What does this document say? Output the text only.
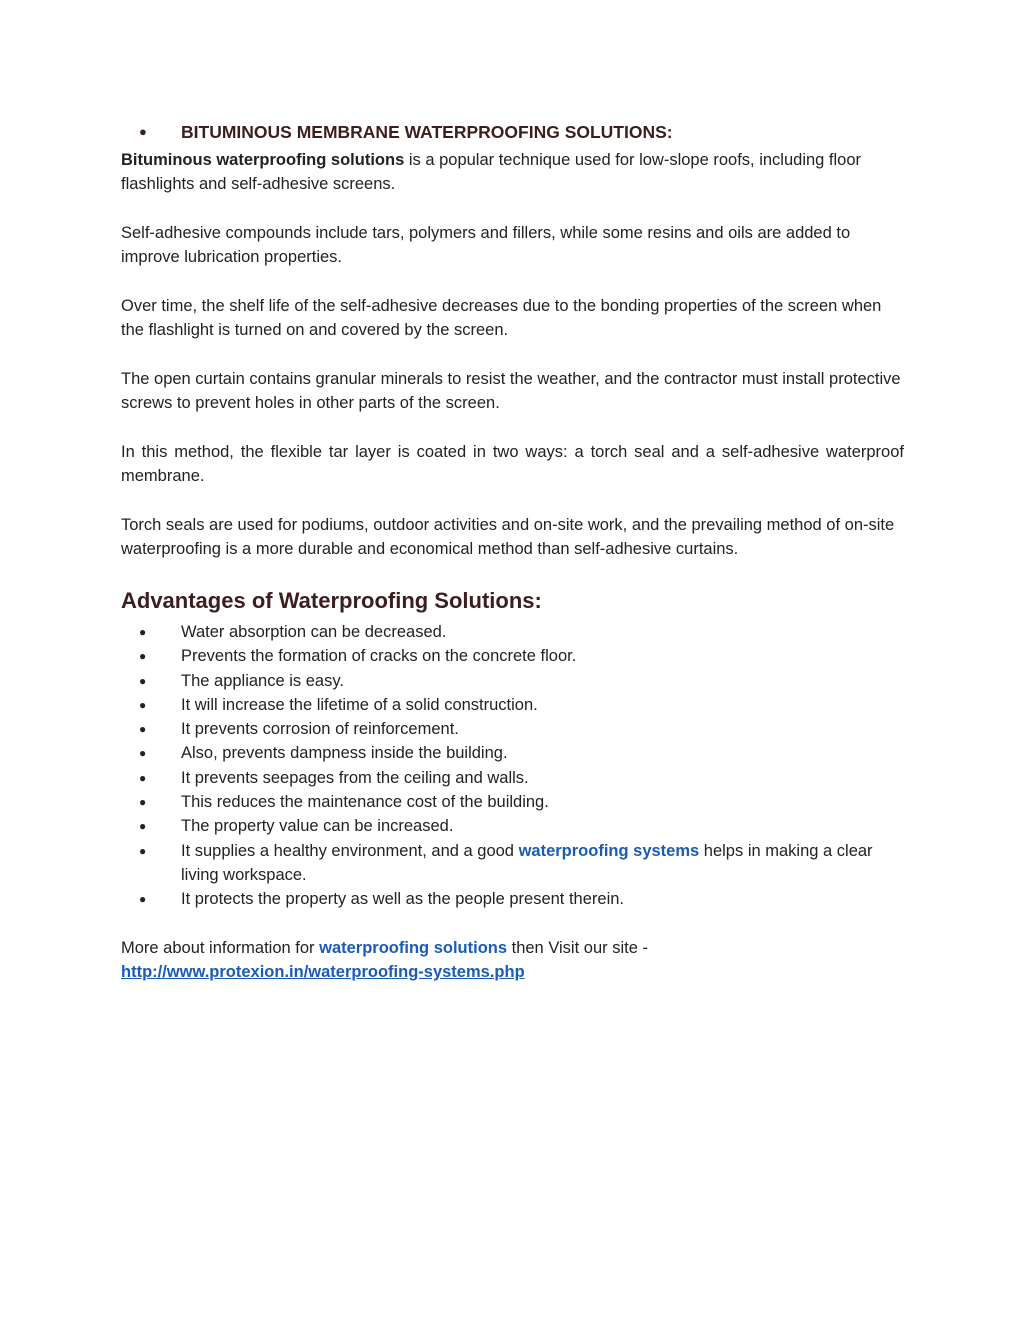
● BITUMINOUS MEMBRANE WATERPROOFING SOLUTIONS:

Bituminous waterproofing solutions is a popular technique used for low-slope roofs, including floor flashlights and self-adhesive screens.

Self-adhesive compounds include tars, polymers and fillers, while some resins and oils are added to improve lubrication properties.

Over time, the shelf life of the self-adhesive decreases due to the bonding properties of the screen when the flashlight is turned on and covered by the screen.

The open curtain contains granular minerals to resist the weather, and the contractor must install protective screws to prevent holes in other parts of the screen.

In this method, the flexible tar layer is coated in two ways: a torch seal and a self-adhesive waterproof membrane.

Torch seals are used for podiums, outdoor activities and on-site work, and the prevailing method of on-site waterproofing is a more durable and economical method than self-adhesive curtains.

Advantages of Waterproofing Solutions:
● Water absorption can be decreased.
● Prevents the formation of cracks on the concrete floor.
● The appliance is easy.
● It will increase the lifetime of a solid construction.
● It prevents corrosion of reinforcement.
● Also, prevents dampness inside the building.
● It prevents seepages from the ceiling and walls.
● This reduces the maintenance cost of the building.
● The property value can be increased.
● It supplies a healthy environment, and a good waterproofing systems helps in making a clear living workspace.
● It protects the property as well as the people present therein.

More about information for waterproofing solutions then Visit our site -
http://www.protexion.in/waterproofing-systems.php
